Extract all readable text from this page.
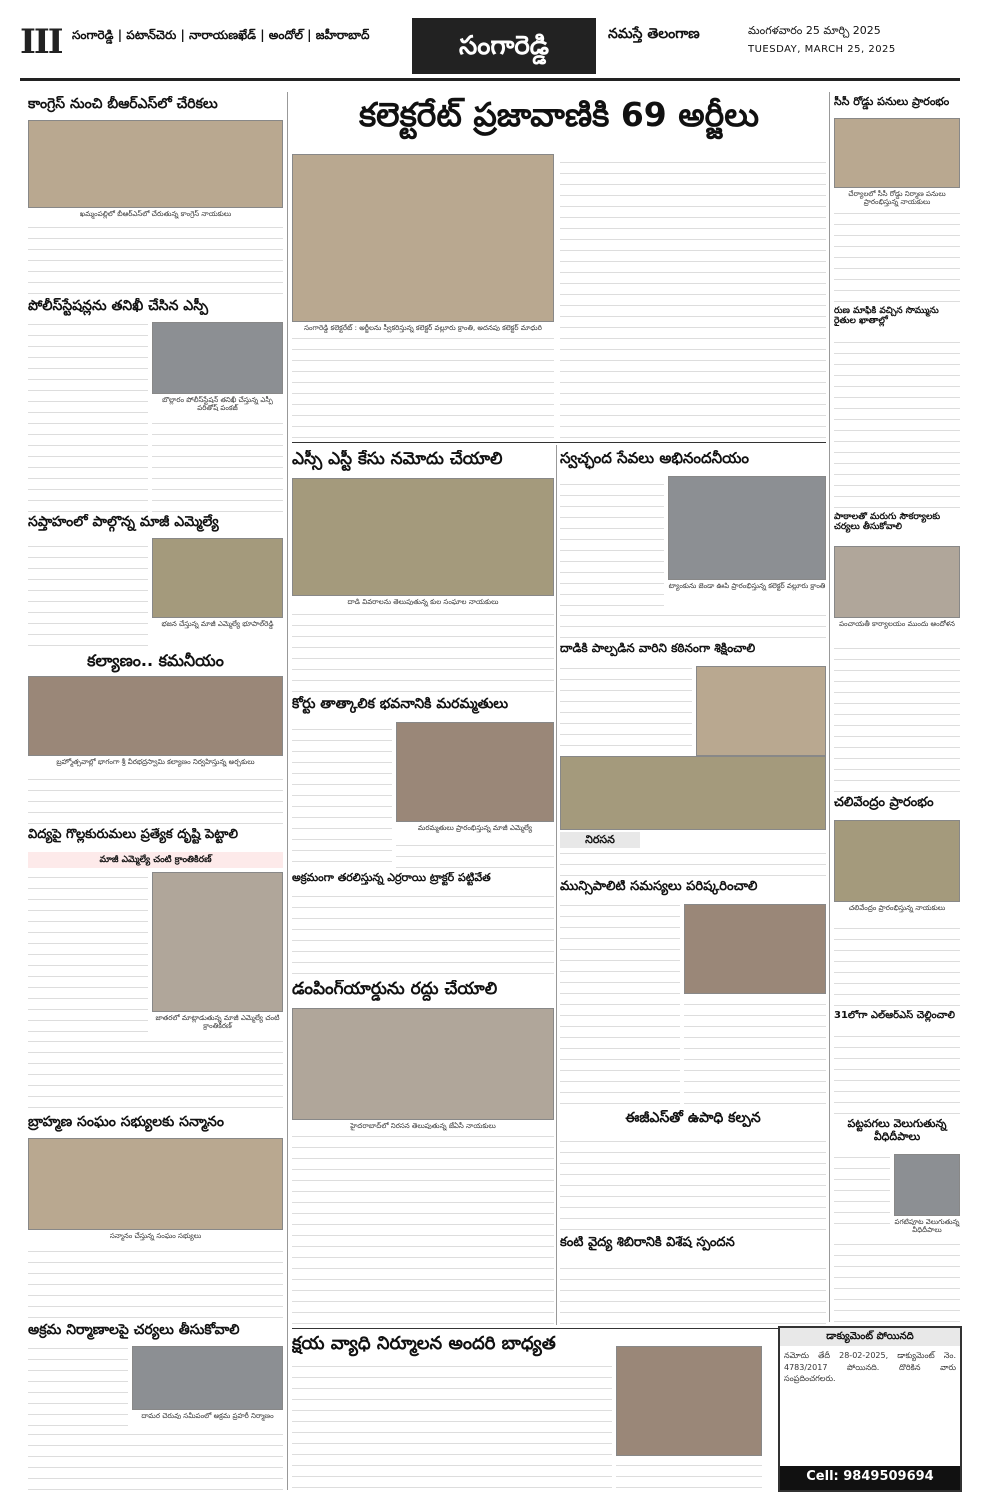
III సంగారెడ్డి | పటాన్‌చెరు | నారాయణఖేడ్ | అందోల్ | జహీరాబాద్	సంగారెడ్డి	నమస్తే తెలంగాణ	మంగళవారం 25 మార్చి 2025
TUESDAY, MARCH 25, 2025
కాంగ్రెస్ నుంచి బీఆర్ఎస్‌లో చేరికలు
ఖమ్మంపల్లిలో బీఆర్ఎస్‌లో చేరుతున్న కాంగ్రెస్ నాయకులు
పోలీస్‌స్టేషన్లను తనిఖీ చేసిన ఎస్పీ
బొల్లారం పోలీస్‌స్టేషన్ తనిఖీ చేస్తున్న ఎస్పీ పరితోష్ పంకజ్
సప్తాహంలో పాల్గొన్న మాజీ ఎమ్మెల్యే
భజన చేస్తున్న మాజీ ఎమ్మెల్యే భూపాల్‌రెడ్డి
కల్యాణం.. కమనీయం
బ్రహ్మోత్సవాల్లో భాగంగా శ్రీ వీరభద్రస్వామి కల్యాణం నిర్వహిస్తున్న అర్చకులు
విద్యపై గొల్లకురుమలు ప్రత్యేక దృష్టి పెట్టాలి
మాజీ ఎమ్మెల్యే చంటి క్రాంతికిరణ్
జాతరలో మాట్లాడుతున్న మాజీ ఎమ్మెల్యే చంటి క్రాంతికిరణ్
బ్రాహ్మణ సంఘం సభ్యులకు సన్మానం
సన్మానం చేస్తున్న సంఘం సభ్యులు
అక్రమ నిర్మాణాలపై చర్యలు తీసుకోవాలి
దామర చెరువు సమీపంలో అక్రమ ప్రహరీ నిర్మాణం
కలెక్టరేట్ ప్రజావాణికి 69 అర్జీలు
సంగారెడ్డి కలెక్టరేట్ : అర్జీలను స్వీకరిస్తున్న కలెక్టర్ వల్లూరు క్రాంతి, అదనపు కలెక్టర్ మాధురి
ఎస్సీ ఎస్టీ కేసు నమోదు చేయాలి
దాడి వివరాలను తెలుపుతున్న కుల సంఘాల నాయకులు
కోర్టు తాత్కాలిక భవనానికి మరమ్మతులు
మరమ్మతులు ప్రారంభిస్తున్న మాజీ ఎమ్మెల్యే
అక్రమంగా తరలిస్తున్న ఎర్రరాయి ట్రాక్టర్ పట్టివేత
డంపింగ్‌యార్డును రద్దు చేయాలి
హైదరాబాద్‌లో నిరసన తెలుపుతున్న జేఏసీ నాయకులు
స్వచ్ఛంద సేవలు అభినందనీయం
ట్యాంకును జెండా ఊపి ప్రారంభిస్తున్న కలెక్టర్ వల్లూరు క్రాంతి
దాడికి పాల్పడిన వారిని కఠినంగా శిక్షించాలి
నిరసన
మున్సిపాలిటీ సమస్యలు పరిష్కరించాలి
ఈజీఎస్‌తో ఉపాధి కల్పన
కంటి వైద్య శిబిరానికి విశేష స్పందన
సీసీ రోడ్డు పనులు ప్రారంభం
చేర్యాలలో సీసీ రోడ్డు నిర్మాణ పనులు ప్రారంభిస్తున్న నాయకులు
రుణ మాఫీకి వచ్చిన సొమ్మును రైతుల ఖాతాల్లో
పాఠాలతో మరుగు సౌకర్యాలకు చర్యలు తీసుకోవాలి
పంచాయతీ కార్యాలయం ముందు ఆందోళన
చలివేంద్రం ప్రారంభం
చలివేంద్రం ప్రారంభిస్తున్న నాయకులు
31లోగా ఎల్‌ఆర్ఎస్ చెల్లించాలి
పట్టపగలు వెలుగుతున్న వీధిదీపాలు
పగటిపూట వెలుగుతున్న వీధిదీపాలు
క్షయ వ్యాధి నిర్మూలన అందరి బాధ్యత	డాక్యుమెంట్ పోయినది
నమోదు తేదీ 28-02-2025, డాక్యుమెంట్ నెం. 4783/2017 పోయినది. దొరికిన వారు సంప్రదించగలరు.
Cell: 9849509694
